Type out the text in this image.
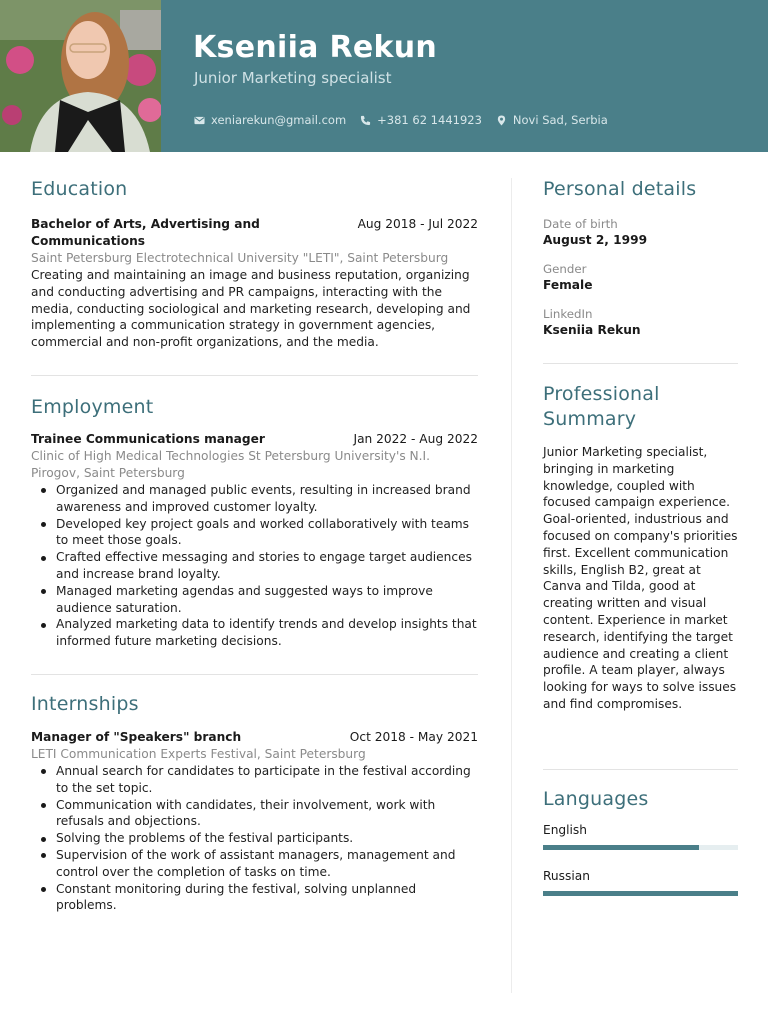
Kseniia Rekun
Junior Marketing specialist
xeniarekun@gmail.com	+381 62 1441923	Novi Sad, Serbia
Education
Bachelor of Arts, Advertising and Communications
Aug 2018 - Jul 2022
Saint Petersburg Electrotechnical University "LETI", Saint Petersburg

Creating and maintaining an image and business reputation, organizing and conducting advertising and PR campaigns, interacting with the media, conducting sociological and marketing research, developing and implementing a communication strategy in government agencies, commercial and non-profit organizations, and the media.

Employment
Trainee Communications manager	Jan 2022 - Aug 2022
Clinic of High Medical Technologies St Petersburg University's N.I. Pirogov, Saint Petersburg
Organized and managed public events, resulting in increased brand awareness and improved customer loyalty.
Developed key project goals and worked collaboratively with teams to meet those goals.
Crafted effective messaging and stories to engage target audiences and increase brand loyalty.
Managed marketing agendas and suggested ways to improve audience saturation.
Analyzed marketing data to identify trends and develop insights that informed future marketing decisions.
Internships
Manager of "Speakers" branch	Oct 2018 - May 2021
LETI Communication Experts Festival, Saint Petersburg
Annual search for candidates to participate in the festival according to the set topic.
Communication with candidates, their involvement, work with refusals and objections.
Solving the problems of the festival participants.
Supervision of the work of assistant managers, management and control over the completion of tasks on time.
Constant monitoring during the festival, solving unplanned problems.
Personal details
Date of birth
August 2, 1999
Gender
Female
LinkedIn
Kseniia Rekun
Professional Summary

Junior Marketing specialist, bringing in marketing knowledge, coupled with focused campaign experience. Goal-oriented, industrious and focused on company's priorities first. Excellent communication skills, English B2, great at Canva and Tilda, good at creating written and visual content. Experience in market research, identifying the target audience and creating a client profile. A team player, always looking for ways to solve issues and find compromises.

Languages
English
Russian
